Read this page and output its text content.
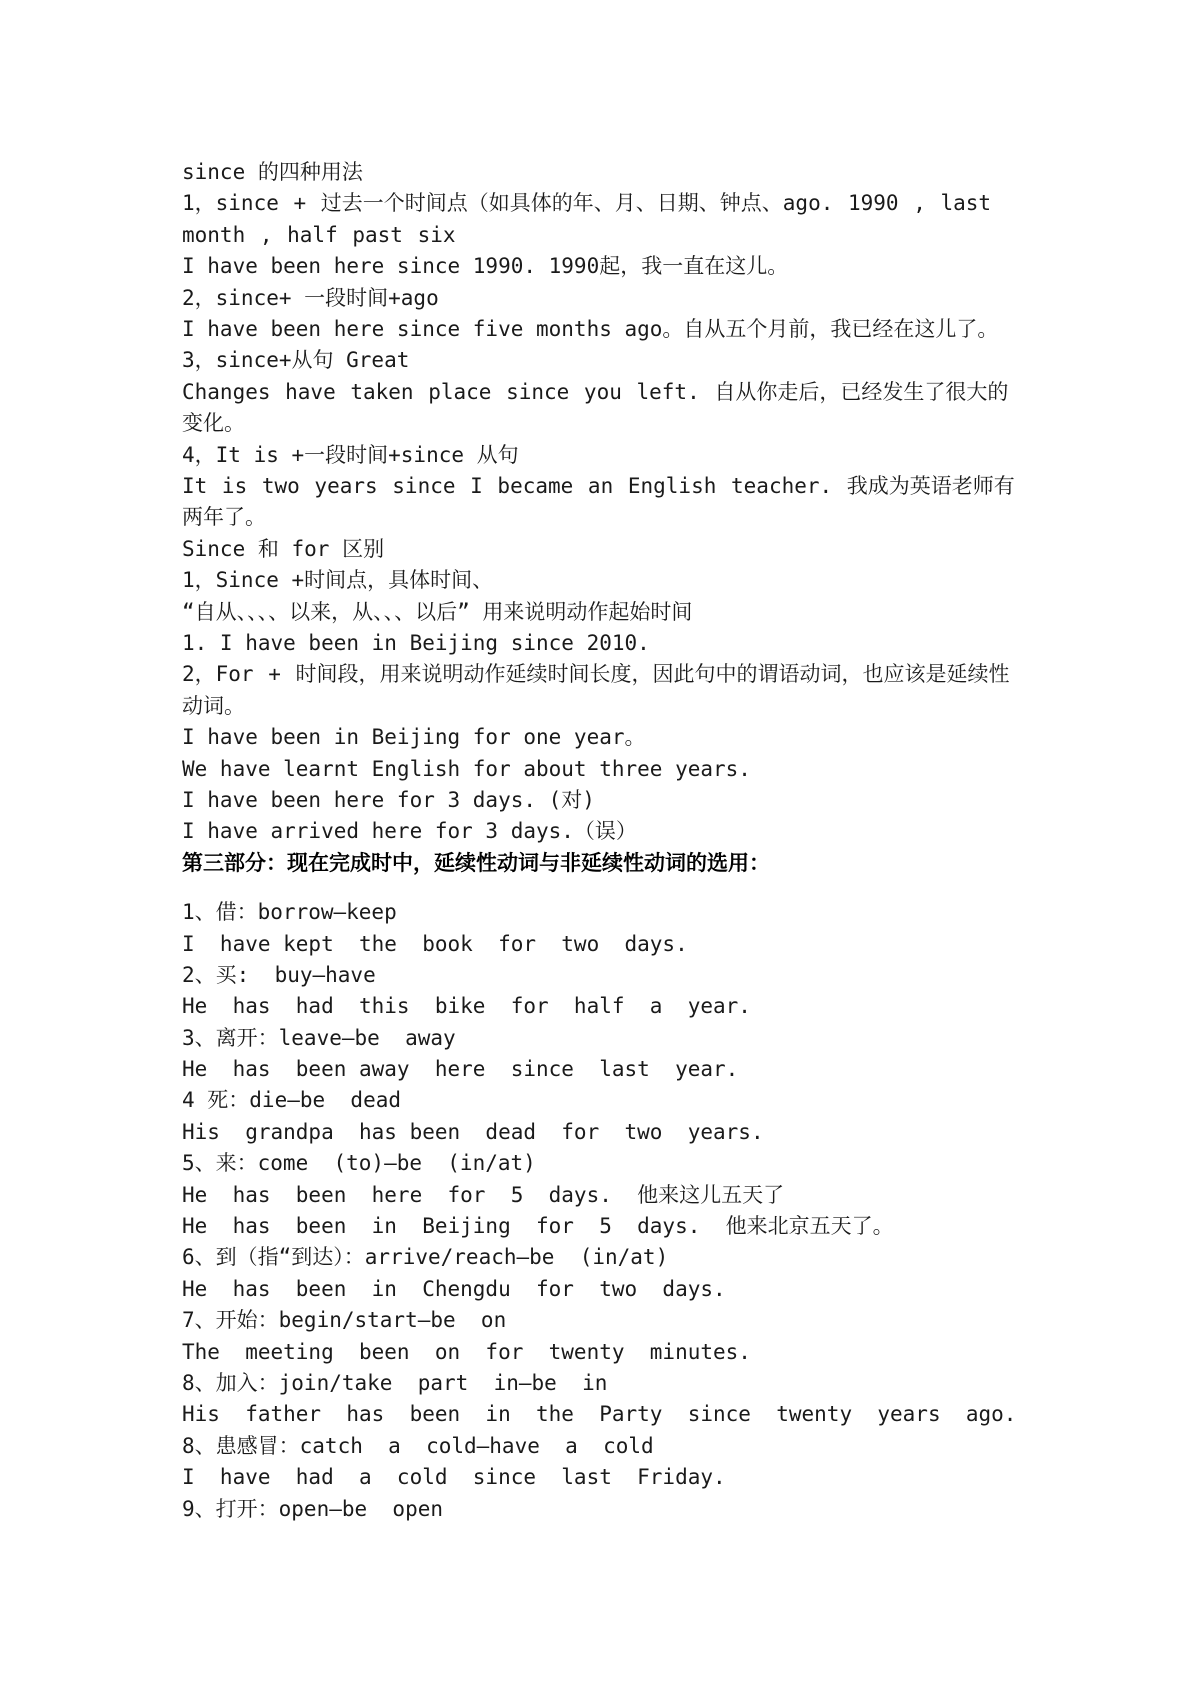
since 的四种用法
1，since + 过去一个时间点（如具体的年、月、日期、钟点、ago. 1990 , last month , half past six
I have been here since 1990. 1990起，我一直在这儿。
2，since+ 一段时间+ago
I have been here since five months ago。自从五个月前，我已经在这儿了。
3，since+从句 Great
Changes have taken place since you left. 自从你走后，已经发生了很大的变化。
4，It is +一段时间+since 从句
It is two years since I became an English teacher. 我成为英语老师有两年了。
Since 和 for 区别
1，Since +时间点，具体时间、
“自从、、、、以来，从、、、以后” 用来说明动作起始时间
1. I have been in Beijing since 2010.
2，For + 时间段，用来说明动作延续时间长度，因此句中的谓语动词，也应该是延续性动词。
I have been in Beijing for one year。
We have learnt English for about three years.
I have been here for 3 days. (对)
I have arrived here for 3 days.（误）
第三部分：现在完成时中，延续性动词与非延续性动词的选用：
1、借：borrow—keep
I  have kept  the  book  for  two  days.
2、买:  buy—have
He  has  had  this  bike  for  half  a  year.
3、离开：leave—be  away
He  has  been away  here  since  last  year.
4 死：die—be  dead
His  grandpa  has been  dead  for  two  years.
5、来：come  (to)—be  (in/at)
He  has  been  here  for  5  days.  他来这儿五天了
He  has  been  in  Beijing  for  5  days.  他来北京五天了。
6、到（指“到达）：arrive/reach—be  (in/at)
He  has  been  in  Chengdu  for  two  days.
7、开始：begin/start—be  on
The  meeting  been  on  for  twenty  minutes.
8、加入：join/take  part  in—be  in
His  father  has  been  in  the  Party  since  twenty  years  ago.
8、患感冒：catch  a  cold—have  a  cold
I  have  had  a  cold  since  last  Friday.
9、打开：open—be  open
